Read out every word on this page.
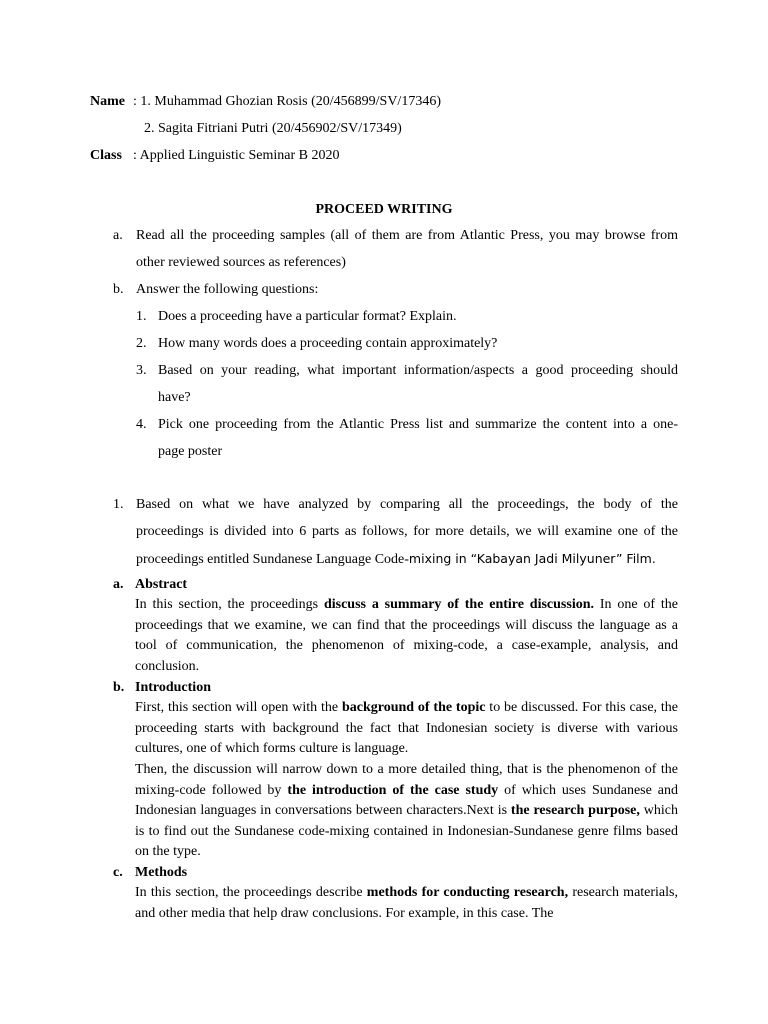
Name : 1. Muhammad Ghozian Rosis (20/456899/SV/17346)
2. Sagita Fitriani Putri (20/456902/SV/17349)
Class : Applied Linguistic Seminar B 2020
PROCEED WRITING
a. Read all the proceeding samples (all of them are from Atlantic Press, you may browse from
other reviewed sources as references)
b. Answer the following questions:
1. Does a proceeding have a particular format? Explain.
2. How many words does a proceeding contain approximately?
3. Based on your reading, what important information/aspects a good proceeding should
have?
4. Pick one proceeding from the Atlantic Press list and summarize the content into a one-
page poster
1. Based on what we have analyzed by comparing all the proceedings, the body of the
proceedings is divided into 6 parts as follows, for more details, we will examine one of the
proceedings entitled Sundanese Language Code-mixing in “Kabayan Jadi Milyuner” Film.
a. Abstract
In this section, the proceedings discuss a summary of the entire discussion. In one of the proceedings that we examine, we can find that the proceedings will discuss the language as a tool of communication, the phenomenon of mixing-code, a case-example, analysis, and conclusion.
b. Introduction
First, this section will open with the background of the topic to be discussed. For this case, the proceeding starts with background the fact that Indonesian society is diverse with various cultures, one of which forms culture is language.
Then, the discussion will narrow down to a more detailed thing, that is the phenomenon of the mixing-code followed by the introduction of the case study of which uses Sundanese and Indonesian languages in conversations between characters.Next is the research purpose, which is to find out the Sundanese code-mixing contained in Indonesian-Sundanese genre films based on the type.
c. Methods
In this section, the proceedings describe methods for conducting research, research materials, and other media that help draw conclusions. For example, in this case. The
